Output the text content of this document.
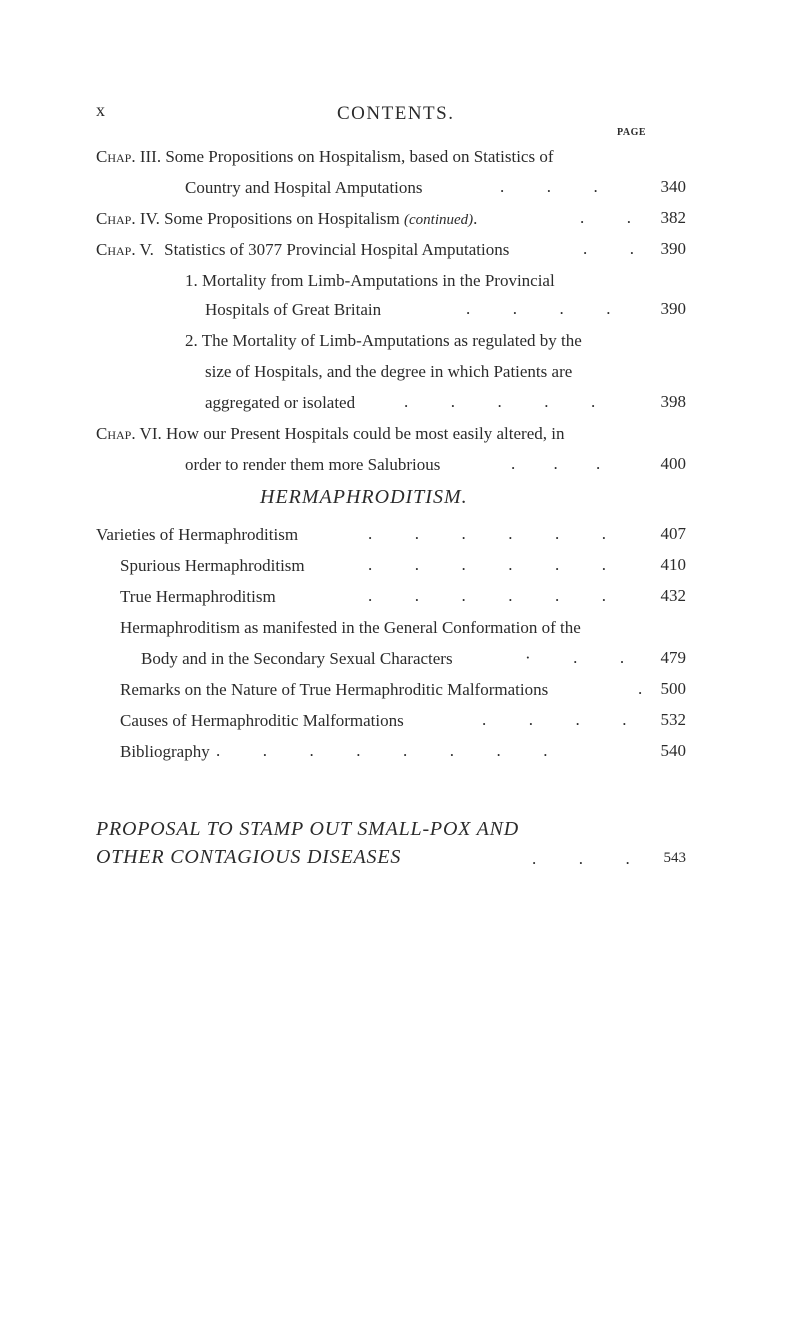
x	CONTENTS.
PAGE
Chap. III. Some Propositions on Hospitalism, based on Statistics of
Country and Hospital Amputations	.          .          .	340
Chap. IV. Some Propositions on Hospitalism (continued).	.          . 382
Chap. V. Statistics of 3077 Provincial Hospital Amputations	.          . 390
1. Mortality from Limb-Amputations in the Provincial
Hospitals of Great Britain	.          .          .          .	390
2. The Mortality of Limb-Amputations as regulated by the
size of Hospitals, and the degree in which Patients are
aggregated or isolated	.          .          .          .          .	398
Chap. VI. How our Present Hospitals could be most easily altered, in
order to render them more Salubrious	.         .         .	400
HERMAPHRODITISM.
Varieties of Hermaphroditism	.          .          .          .          .          .	407
Spurious Hermaphroditism	.          .          .          .          .          .	410
True Hermaphroditism	.          .          .          .          .          .	432
Hermaphroditism as manifested in the General Conformation of the
Body and in the Secondary Sexual Characters	·          .          . 479
Remarks on the Nature of True Hermaphroditic Malformations	. 500
Causes of Hermaphroditic Malformations	.          .          .          . 532
Bibliography .          .          .          .          .          .          .          .	540
PROPOSAL TO STAMP OUT SMALL-POX AND
OTHER CONTAGIOUS DISEASES	.          .          . 543
